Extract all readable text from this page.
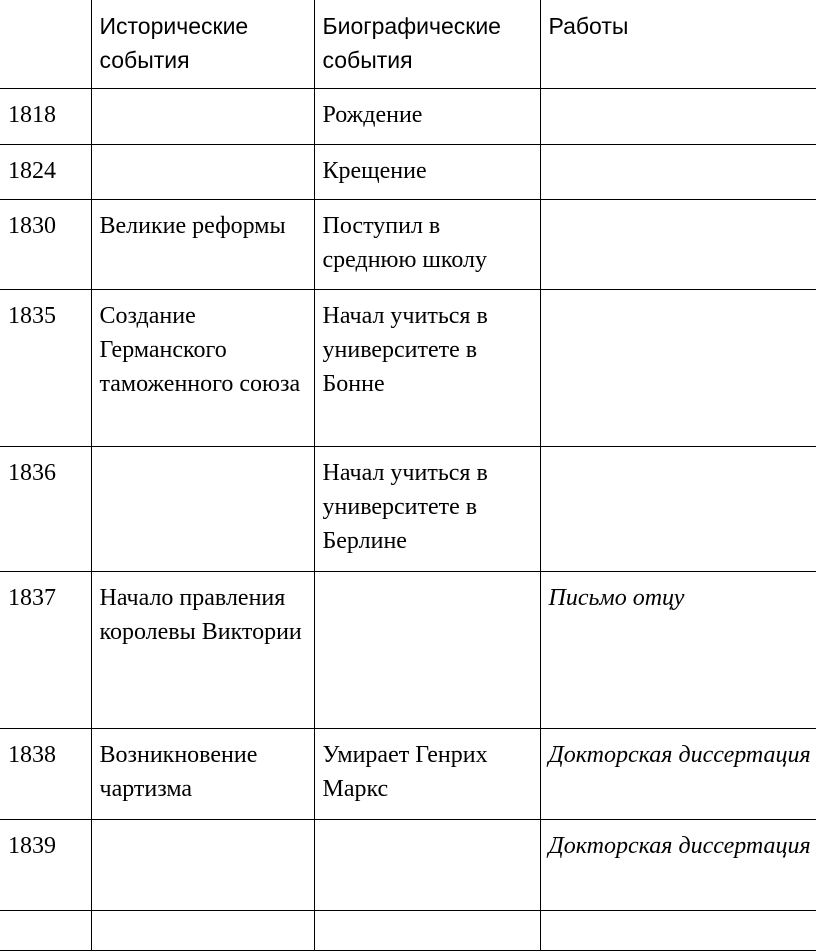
	Исторические события	Биографические события	Работы
1818		Рождение	
1824		Крещение	
1830	Великие реформы	Поступил в среднюю школу	
1835	Создание Германского таможенного союза	Начал учиться в университете в Бонне	
1836		Начал учиться в университете в Берлине	
1837	Начало правления королевы Виктории		Письмо отцу
1838	Возникновение чартизма	Умирает Генрих Маркс	Докторская диссертация
1839			Докторская диссертация
